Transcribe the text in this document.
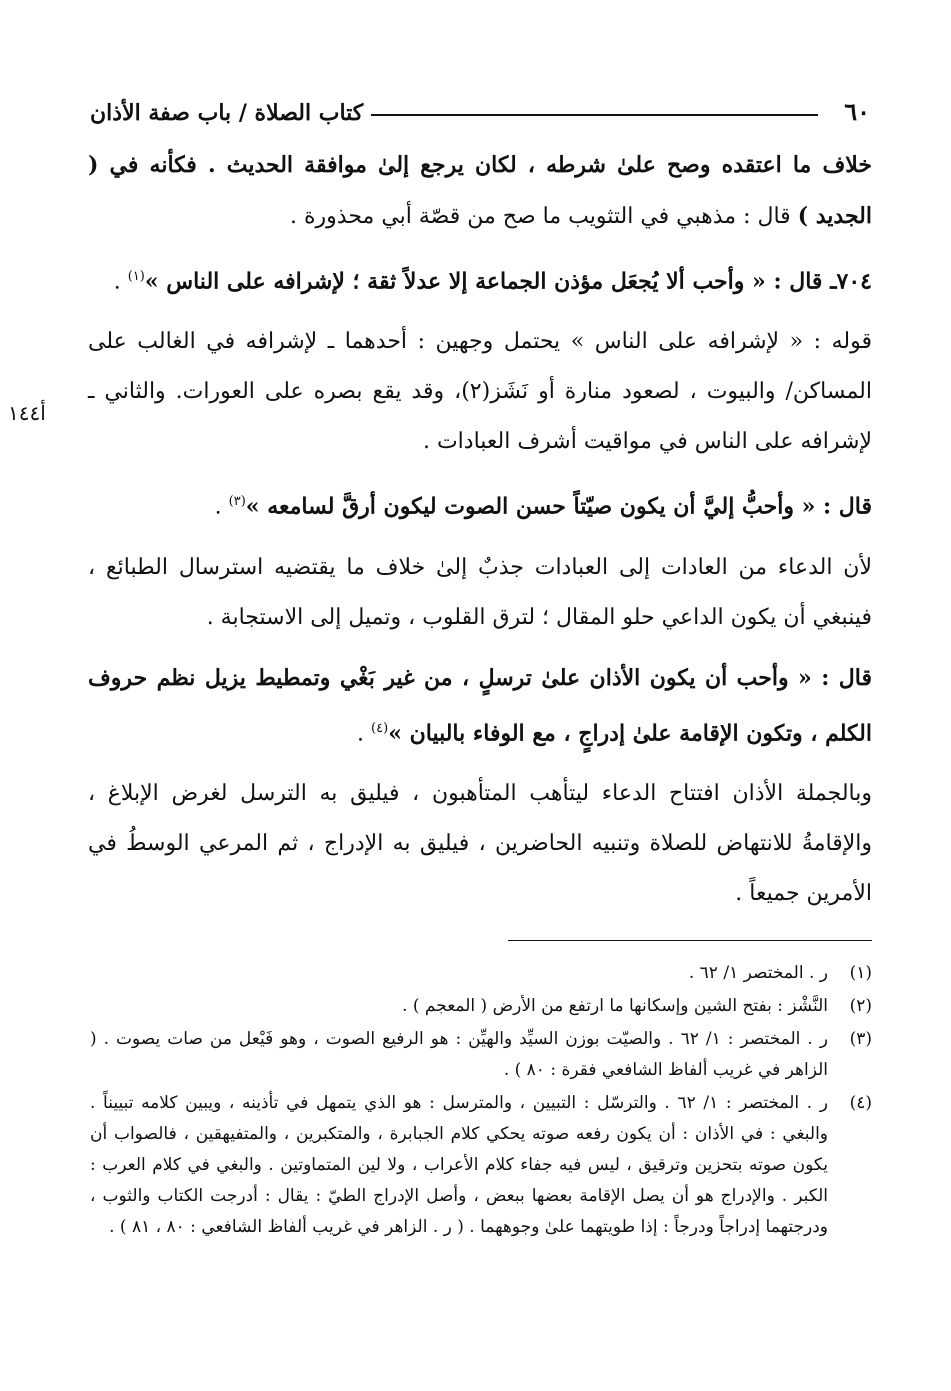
٦٠
كتاب الصلاة / باب صفة الأذان
أ١٤٤

خلاف ما اعتقده وصح علىٰ شرطه ، لكان يرجع إلىٰ موافقة الحديث . فكأنه في ( الجديد ) قال : مذهبي في التثويب ما صح من قصّة أبي محذورة .

٧٠٤ـ قال : « وأحب ألا يُجعَل مؤذن الجماعة إلا عدلاً ثقة ؛ لإشرافه على الناس »$^{(١)}$ .

قوله : « لإشرافه على الناس » يحتمل وجهين : أحدهما ـ لإشرافه في الغالب على المساكن/ والبيوت ، لصعود منارة أو نَشَز(٢)، وقد يقع بصره على العورات. والثاني ـ لإشرافه على الناس في مواقيت أشرف العبادات .

قال : « وأحبُّ إليَّ أن يكون صيّتاً حسن الصوت ليكون أرقَّ لسامعه »$^{(٣)}$ .

لأن الدعاء من العادات إلى العبادات جذبٌ إلىٰ خلاف ما يقتضيه استرسال الطبائع ، فينبغي أن يكون الداعي حلو المقال ؛ لترق القلوب ، وتميل إلى الاستجابة .

قال : « وأحب أن يكون الأذان علىٰ ترسلٍ ، من غير بَغْي وتمطيط يزيل نظم حروف الكلم ، وتكون الإقامة علىٰ إدراجٍ ، مع الوفاء بالبيان »$^{(٤)}$ .

وبالجملة الأذان افتتاح الدعاء ليتأهب المتأهبون ، فيليق به الترسل لغرض الإبلاغ ، والإقامةُ للانتهاض للصلاة وتنبيه الحاضرين ، فيليق به الإدراج ، ثم المرعي الوسطُ في الأمرين جميعاً .

(١)
ر . المختصر ١/ ٦٢ .
(٢)
النَّشْز : بفتح الشين وإسكانها ما ارتفع من الأرض ( المعجم ) .
(٣)
ر . المختصر : ١/ ٦٢ . والصيّت بوزن السيِّد والهيِّن : هو الرفيع الصوت ، وهو فَيْعل من صات يصوت . ( الزاهر في غريب ألفاظ الشافعي فقرة : ٨٠ ) .
(٤)
ر . المختصر : ١/ ٦٢ . والترسّل : التبيين ، والمترسل : هو الذي يتمهل في تأذينه ، ويبين كلامه تبييناً . والبغي : في الأذان : أن يكون رفعه صوته يحكي كلام الجبابرة ، والمتكبرين ، والمتفيهقين ، فالصواب أن يكون صوته بتحزين وترقيق ، ليس فيه جفاء كلام الأعراب ، ولا لين المتماوتين . والبغي في كلام العرب : الكبر . والإدراج هو أن يصل الإقامة بعضها ببعض ، وأصل الإدراج الطيّ : يقال : أدرجت الكتاب والثوب ، ودرجتهما إدراجاً ودرجاً : إذا طويتهما علىٰ وجوههما . ( ر . الزاهر في غريب ألفاظ الشافعي : ٨٠ ، ٨١ ) .
